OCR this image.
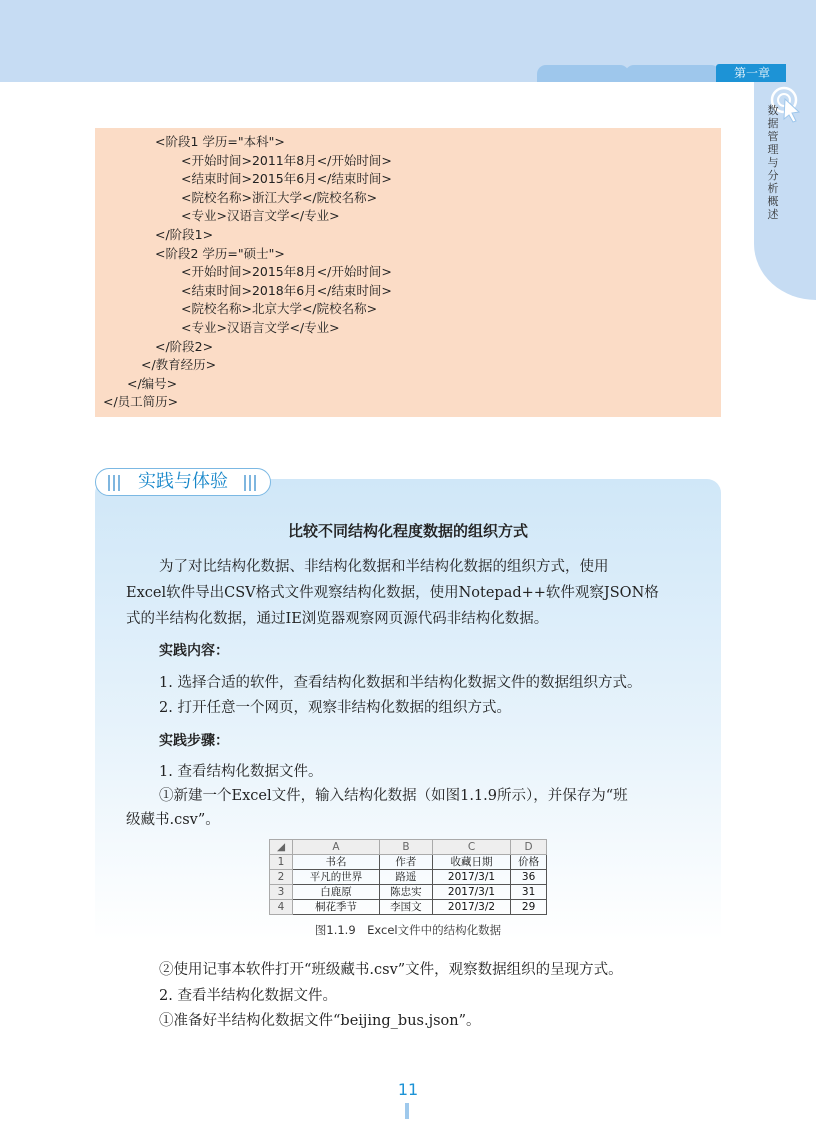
第一章
数据管理与分析概述
<阶段1 学历="本科">
<开始时间>2011年8月</开始时间>
<结束时间>2015年6月</结束时间>
<院校名称>浙江大学</院校名称>
<专业>汉语言文学</专业>
</阶段1>
<阶段2 学历="硕士">
<开始时间>2015年8月</开始时间>
<结束时间>2018年6月</结束时间>
<院校名称>北京大学</院校名称>
<专业>汉语言文学</专业>
</阶段2>
</教育经历>
</编号>
</员工简历>
实践与体验
比较不同结构化程度数据的组织方式
为了对比结构化数据、非结构化数据和半结构化数据的组织方式，使用
Excel软件导出CSV格式文件观察结构化数据，使用Notepad++软件观察JSON格
式的半结构化数据，通过IE浏览器观察网页源代码非结构化数据。
实践内容：
1. 选择合适的软件，查看结构化数据和半结构化数据文件的数据组织方式。
2. 打开任意一个网页，观察非结构化数据的组织方式。
实践步骤：
1. 查看结构化数据文件。
①新建一个Excel文件，输入结构化数据（如图1.1.9所示），并保存为“班
级藏书.csv”。
◢	A	B	C	D
1	书名	作者	收藏日期	价格
2	平凡的世界	路遥	2017/3/1	36
3	白鹿原	陈忠实	2017/3/1	31
4	桐花季节	李国文	2017/3/2	29
图1.1.9　Excel文件中的结构化数据
②使用记事本软件打开“班级藏书.csv”文件，观察数据组织的呈现方式。
2. 查看半结构化数据文件。
①准备好半结构化数据文件“beijing_bus.json”。
11
